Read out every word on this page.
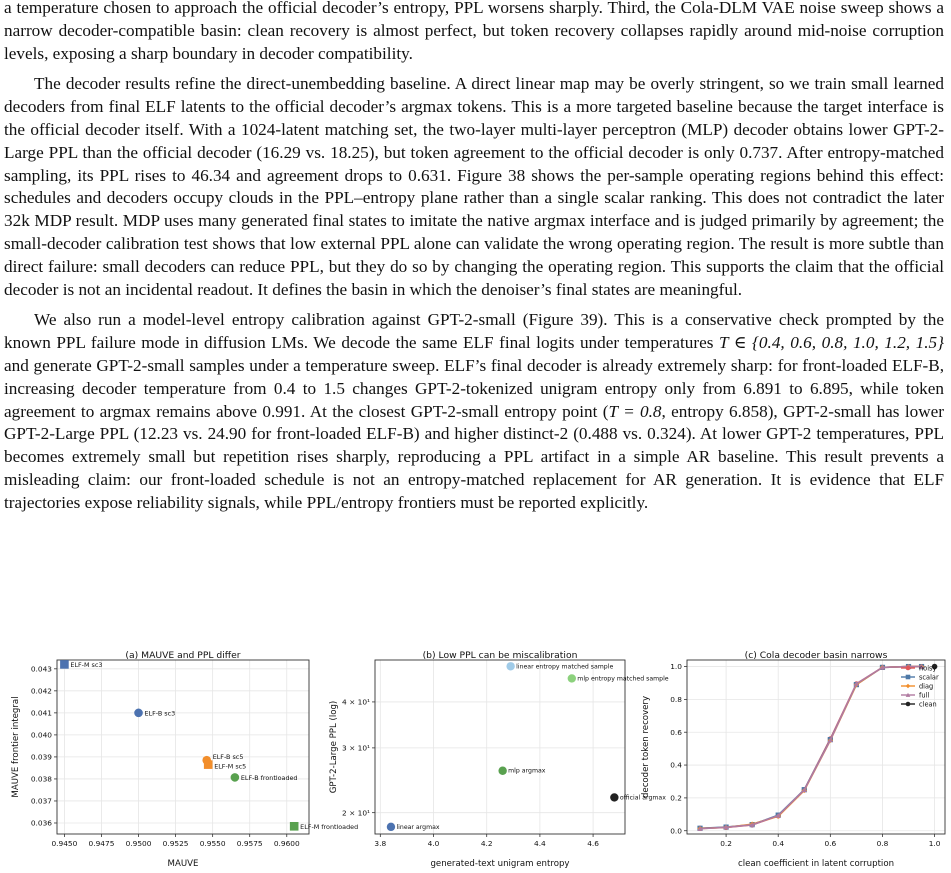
a temperature chosen to approach the official decoder’s entropy, PPL worsens sharply. Third, the Cola-DLM VAE noise sweep shows a narrow decoder-compatible basin: clean recovery is almost perfect, but token recovery collapses rapidly around mid-noise corruption levels, exposing a sharp boundary in decoder compatibility.

The decoder results refine the direct-unembedding baseline. A direct linear map may be overly stringent, so we train small learned decoders from final ELF latents to the official decoder’s argmax tokens. This is a more targeted baseline because the target interface is the official decoder itself. With a 1024-latent matching set, the two-layer multi-layer perceptron (MLP) decoder obtains lower GPT-2-Large PPL than the official decoder (16.29 vs. 18.25), but token agreement to the official decoder is only 0.737. After entropy-matched sampling, its PPL rises to 46.34 and agreement drops to 0.631. Figure 38 shows the per-sample operating regions behind this effect: schedules and decoders occupy clouds in the PPL–entropy plane rather than a single scalar ranking. This does not contradict the later 32k MDP result. MDP uses many generated final states to imitate the native argmax interface and is judged primarily by agreement; the small-decoder calibration test shows that low external PPL alone can validate the wrong operating region. The result is more subtle than direct failure: small decoders can reduce PPL, but they do so by changing the operating region. This supports the claim that the official decoder is not an incidental readout. It defines the basin in which the denoiser’s final states are meaningful.

We also run a model-level entropy calibration against GPT-2-small (Figure 39). This is a conservative check prompted by the known PPL failure mode in diffusion LMs. We decode the same ELF final logits under temperatures T ∈ {0.4, 0.6, 0.8, 1.0, 1.2, 1.5} and generate GPT-2-small samples under a temperature sweep. ELF’s final decoder is already extremely sharp: for front-loaded ELF-B, increasing decoder temperature from 0.4 to 1.5 changes GPT-2-tokenized unigram entropy only from 6.891 to 6.895, while token agreement to argmax remains above 0.991. At the closest GPT-2-small entropy point (T = 0.8, entropy 6.858), GPT-2-small has lower GPT-2-Large PPL (12.23 vs. 24.90 for front-loaded ELF-B) and higher distinct-2 (0.488 vs. 0.324). At lower GPT-2 temperatures, PPL becomes extremely small but repetition rises sharply, reproducing a PPL artifact in a simple AR baseline. This result prevents a misleading claim: our front-loaded schedule is not an entropy-matched replacement for AR generation. It is evidence that ELF trajectories expose reliability signals, while PPL/entropy frontiers must be reported explicitly.

(a) MAUVE and PPL differ
MAUVE
MAUVE frontier integral
0.9450 0.9475 0.9500 0.9525 0.9550 0.9575 0.9600
0.036
0.037
0.038
0.039
0.040
0.041
0.042
0.043	ELF-M sc3
ELF-B sc3
ELF-B sc5
ELF-M sc5
ELF-B frontloaded
ELF-M frontloaded
(b) Low PPL can be miscalibration
generated-text unigram entropy
GPT-2-Large PPL (log)
3.8	4.0	4.2	4.4	4.6
2 × 10¹
3 × 10¹
4 × 10¹
linear entropy matched sample
mlp entropy matched sample
mlp argmax
official argmax
linear argmax
(c) Cola decoder basin narrows
clean coefficient in latent corruption
decoder token recovery
0.2	0.4	0.6	0.8	1.0
0.0
0.2
0.4
0.6
0.8
1.0	noisy
scalar
diag
full
clean
